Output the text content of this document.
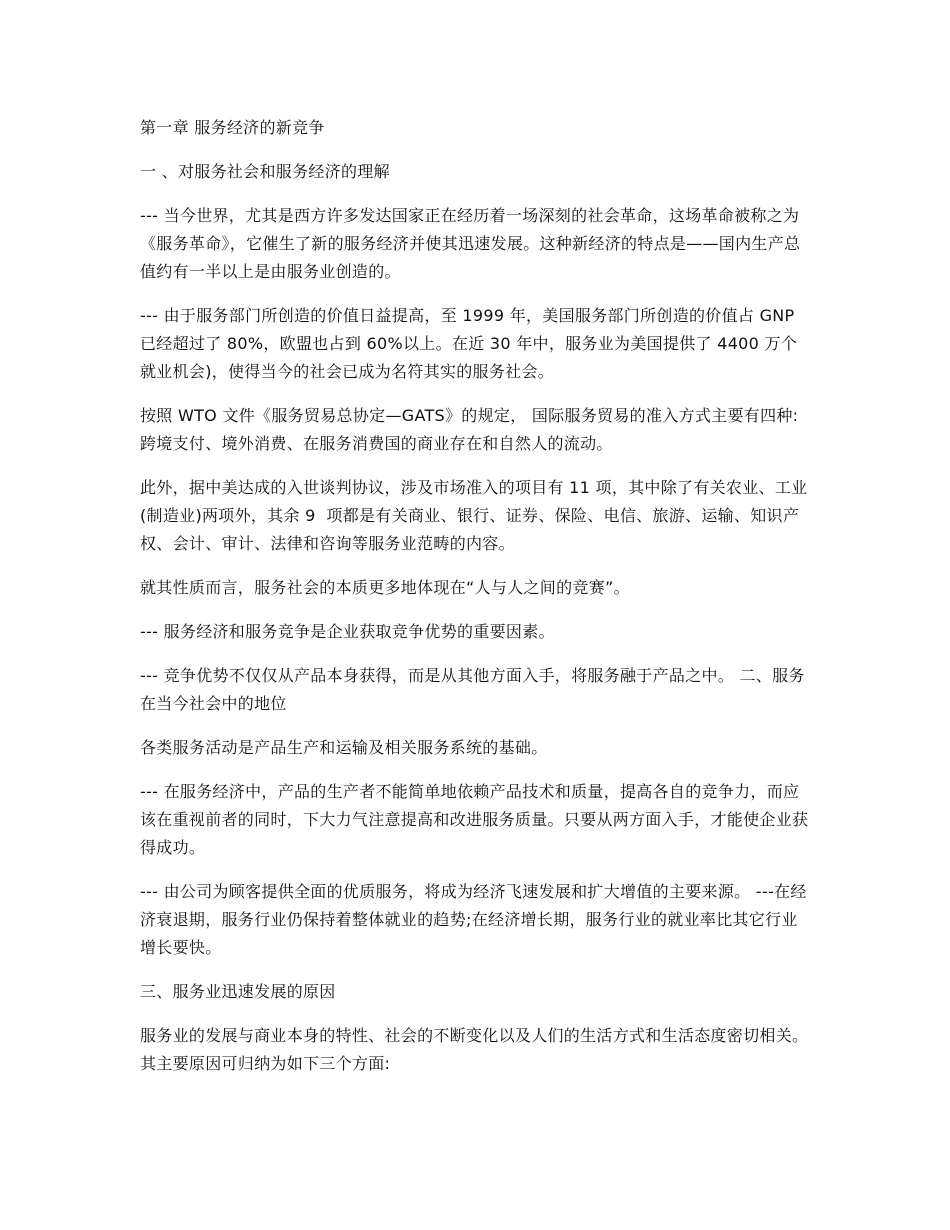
第一章 服务经济的新竞争
一 、对服务社会和服务经济的理解
--- 当今世界，尤其是西方许多发达国家正在经历着一场深刻的社会革命，这场革命被称之为《服务革命》，它催生了新的服务经济并使其迅速发展。这种新经济的特点是——国内生产总值约有一半以上是由服务业创造的。
--- 由于服务部门所创造的价值日益提高，至 1999 年，美国服务部门所创造的价值占 GNP 已经超过了 80%，欧盟也占到 60%以上。在近 30 年中，服务业为美国提供了 4400 万个就业机会)，使得当今的社会已成为名符其实的服务社会。
按照 WTO 文件《服务贸易总协定—GATS》的规定， 国际服务贸易的准入方式主要有四种:跨境支付、境外消费、在服务消费国的商业存在和自然人的流动。
此外，据中美达成的入世谈判协议，涉及市场准入的项目有 11 项，其中除了有关农业、工业(制造业)两项外，其余 9  项都是有关商业、银行、证券、保险、电信、旅游、运输、知识产权、会计、审计、法律和咨询等服务业范畴的内容。
就其性质而言，服务社会的本质更多地体现在“人与人之间的竞赛”。
--- 服务经济和服务竞争是企业获取竞争优势的重要因素。
--- 竞争优势不仅仅从产品本身获得，而是从其他方面入手，将服务融于产品之中。 二、服务在当今社会中的地位
各类服务活动是产品生产和运输及相关服务系统的基础。
--- 在服务经济中，产品的生产者不能简单地依赖产品技术和质量，提高各自的竞争力，而应该在重视前者的同时，下大力气注意提高和改进服务质量。只要从两方面入手，才能使企业获得成功。
--- 由公司为顾客提供全面的优质服务，将成为经济飞速发展和扩大增值的主要来源。 ---在经济衰退期，服务行业仍保持着整体就业的趋势;在经济增长期，服务行业的就业率比其它行业增长要快。
三、服务业迅速发展的原因
服务业的发展与商业本身的特性、社会的不断变化以及人们的生活方式和生活态度密切相关。其主要原因可归纳为如下三个方面:
